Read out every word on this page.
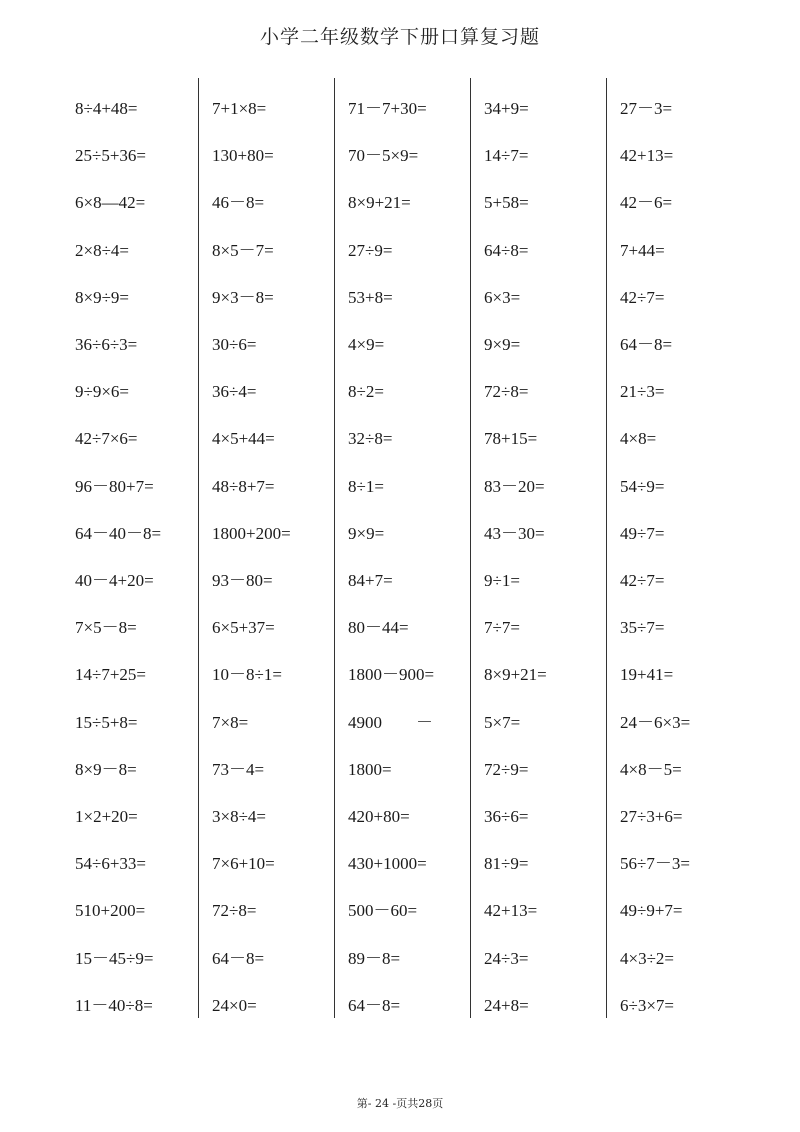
小学二年级数学下册口算复习题
8÷4+48=
25÷5+36=
6×8—42=
2×8÷4=
8×9÷9=
36÷6÷3=
9÷9×6=
42÷7×6=
96－80+7=
64－40－8=
40－4+20=
7×5－8=
14÷7+25=
15÷5+8=
8×9－8=
1×2+20=
54÷6+33=
510+200=
15－45÷9=
11－40÷8=
7+1×8=
130+80=
46－8=
8×5－7=
9×3－8=
30÷6=
36÷4=
4×5+44=
48÷8+7=
1800+200=
93－80=
6×5+37=
10－8÷1=
7×8=
73－4=
3×8÷4=
7×6+10=
72÷8=
64－8=
24×0=
71－7+30=
70－5×9=
8×9+21=
27÷9=
53+8=
4×9=
8÷2=
32÷8=
8÷1=
9×9=
84+7=
80－44=
1800－900=
4900　　－
1800=
420+80=
430+1000=
500－60=
89－8=
64－8=
34+9=
14÷7=
5+58=
64÷8=
6×3=
9×9=
72÷8=
78+15=
83－20=
43－30=
9÷1=
7÷7=
8×9+21=
5×7=
72÷9=
36÷6=
81÷9=
42+13=
24÷3=
24+8=
27－3=
42+13=
42－6=
7+44=
42÷7=
64－8=
21÷3=
4×8=
54÷9=
49÷7=
42÷7=
35÷7=
19+41=
24－6×3=
4×8－5=
27÷3+6=
56÷7－3=
49÷9+7=
4×3÷2=
6÷3×7=
第- 24 -页共28页
